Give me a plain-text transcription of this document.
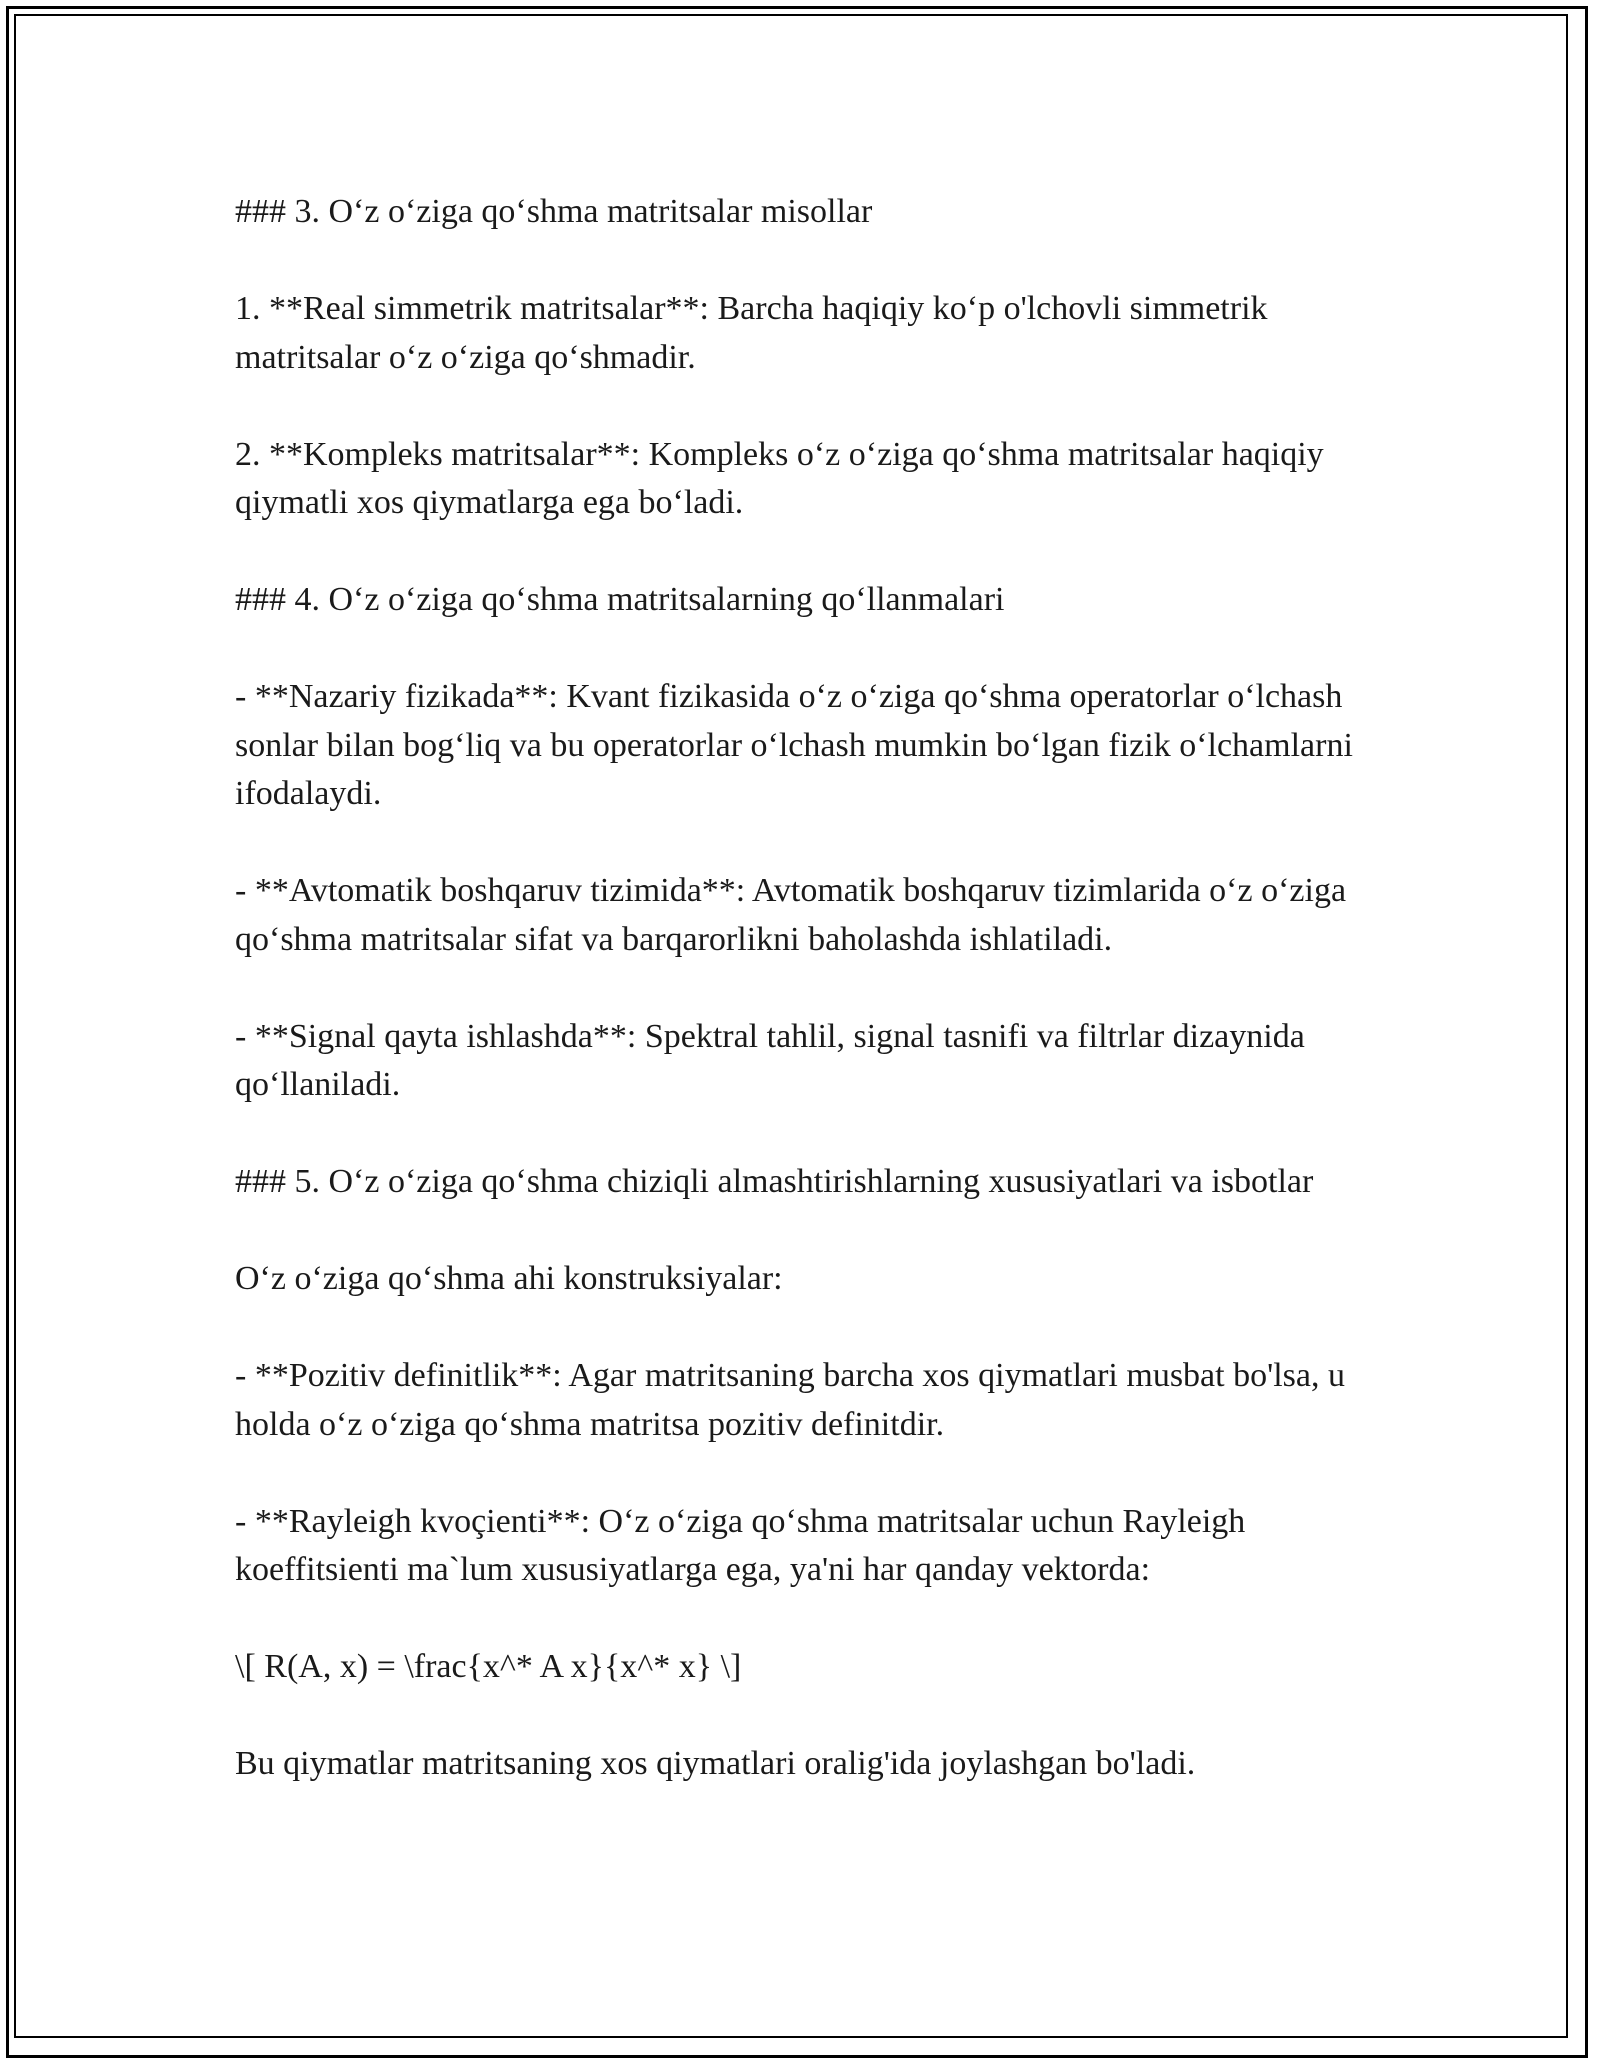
### 3. O‘z o‘ziga qo‘shma matritsalar misollar

1. **Real simmetrik matritsalar**: Barcha haqiqiy ko‘p o'lchovli simmetrik matritsalar o‘z o‘ziga qo‘shmadir.

2. **Kompleks matritsalar**: Kompleks o‘z o‘ziga qo‘shma matritsalar haqiqiy qiymatli xos qiymatlarga ega bo‘ladi.

### 4. O‘z o‘ziga qo‘shma matritsalarning qo‘llanmalari

- **Nazariy fizikada**: Kvant fizikasida o‘z o‘ziga qo‘shma operatorlar o‘lchash sonlar bilan bog‘liq va bu operatorlar o‘lchash mumkin bo‘lgan fizik o‘lchamlarni ifodalaydi.

- **Avtomatik boshqaruv tizimida**: Avtomatik boshqaruv tizimlarida o‘z o‘ziga qo‘shma matritsalar sifat va barqarorlikni baholashda ishlatiladi.

- **Signal qayta ishlashda**: Spektral tahlil, signal tasnifi va filtrlar dizaynida qo‘llaniladi.

### 5. O‘z o‘ziga qo‘shma chiziqli almashtirishlarning xususiyatlari va isbotlar

O‘z o‘ziga qo‘shma ahi konstruksiyalar:

- **Pozitiv definitlik**: Agar matritsaning barcha xos qiymatlari musbat bo'lsa, u holda o‘z o‘ziga qo‘shma matritsa pozitiv definitdir.

- **Rayleigh kvoçienti**: O‘z o‘ziga qo‘shma matritsalar uchun Rayleigh koeffitsienti ma`lum xususiyatlarga ega, ya'ni har qanday vektorda:

\[ R(A, x) = \frac{x^* A x}{x^* x} \]

Bu qiymatlar matritsaning xos qiymatlari oralig'ida joylashgan bo'ladi.
